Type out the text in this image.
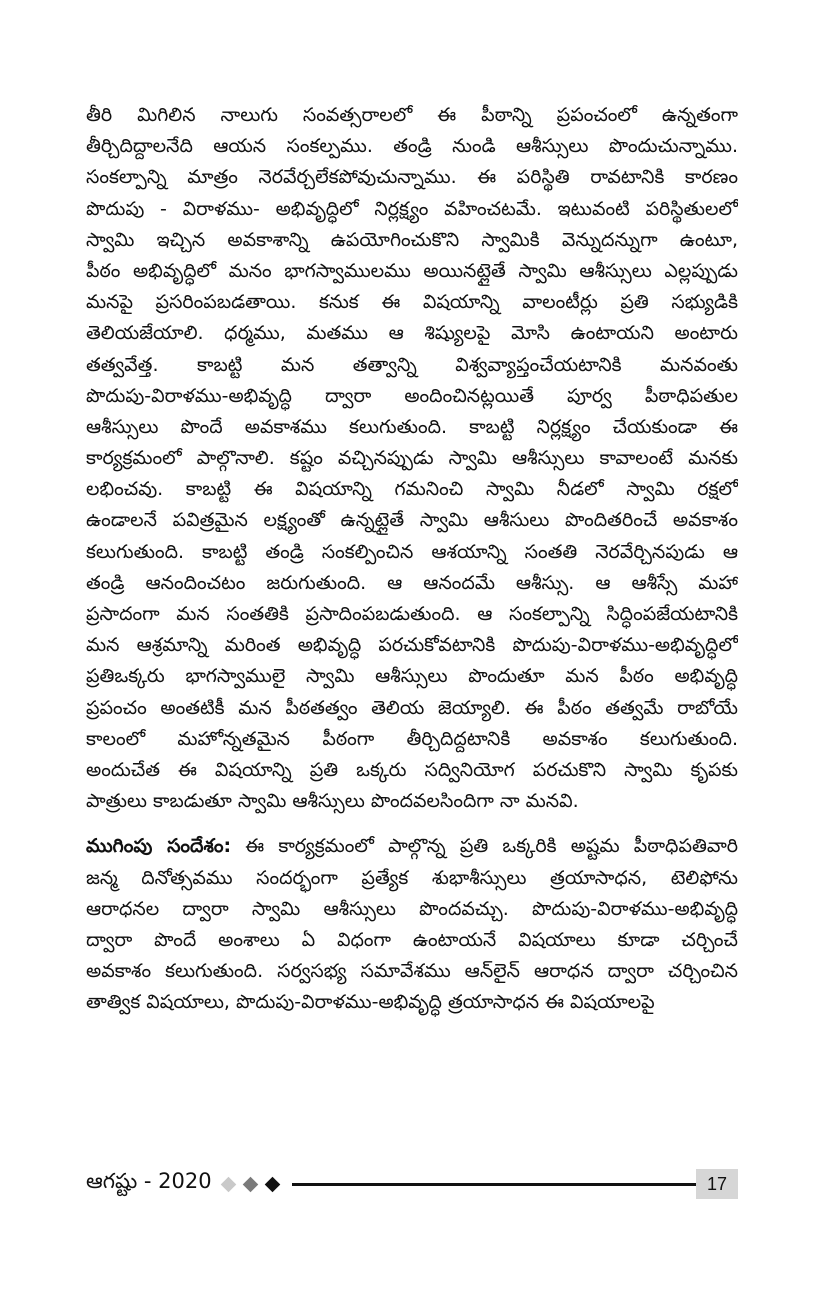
తీరి మిగిలిన నాలుగు సంవత్సరాలలో ఈ పీఠాన్ని ప్రపంచంలో ఉన్నతంగా
తీర్చిదిద్దాలనేది ఆయన సంకల్పము. తండ్రి నుండి ఆశీస్సులు పొందుచున్నాము.
సంకల్పాన్ని మాత్రం నెరవేర్చలేకపోవుచున్నాము. ఈ పరిస్థితి రావటానికి కారణం
పొదుపు - విరాళము- అభివృద్ధిలో నిర్లక్ష్యం వహించటమే. ఇటువంటి పరిస్థితులలో
స్వామి ఇచ్చిన అవకాశాన్ని ఉపయోగించుకొని స్వామికి వెన్నుదన్నుగా ఉంటూ,
పీఠం అభివృద్ధిలో మనం భాగస్వాములము అయినట్లైతే స్వామి ఆశీస్సులు ఎల్లప్పుడు
మనపై ప్రసరింపబడతాయి. కనుక ఈ విషయాన్ని వాలంటీర్లు ప్రతి సభ్యుడికి
తెలియజేయాలి. ధర్మము, మతము ఆ శిష్యులపై మోసి ఉంటాయని అంటారు
తత్వవేత్త. కాబట్టి మన తత్వాన్ని విశ్వవ్యాప్తంచేయటానికి మనవంతు
పొదుపు-విరాళము-అభివృద్ధి ద్వారా అందించినట్లయితే పూర్వ పీఠాధిపతుల
ఆశీస్సులు పొందే అవకాశము కలుగుతుంది. కాబట్టి నిర్లక్ష్యం చేయకుండా ఈ
కార్యక్రమంలో పాల్గొనాలి. కష్టం వచ్చినప్పుడు స్వామి ఆశీస్సులు కావాలంటే మనకు
లభించవు. కాబట్టి ఈ విషయాన్ని గమనించి స్వామి నీడలో స్వామి రక్షలో
ఉండాలనే పవిత్రమైన లక్ష్యంతో ఉన్నట్లైతే స్వామి ఆశీసులు పొందితరించే అవకాశం
కలుగుతుంది. కాబట్టి తండ్రి సంకల్పించిన ఆశయాన్ని సంతతి నెరవేర్చినపుడు ఆ
తండ్రి ఆనందించటం జరుగుతుంది. ఆ ఆనందమే ఆశీస్సు. ఆ ఆశీస్సే మహా
ప్రసాదంగా మన సంతతికి ప్రసాదింపబడుతుంది. ఆ సంకల్పాన్ని సిద్ధింపజేయటానికి
మన ఆశ్రమాన్ని మరింత అభివృద్ధి పరచుకోవటానికి పొదుపు-విరాళము-అభివృద్ధిలో
ప్రతిఒక్కరు భాగస్వాములై స్వామి ఆశీస్సులు పొందుతూ మన పీఠం అభివృద్ధి
ప్రపంచం అంతటికీ మన పీఠతత్వం తెలియ జెయ్యాలి. ఈ పీఠం తత్వమే రాబోయే
కాలంలో మహోన్నతమైన పీఠంగా తీర్చిదిద్దటానికి అవకాశం కలుగుతుంది.
అందుచేత ఈ విషయాన్ని ప్రతి ఒక్కరు సద్వినియోగ పరచుకొని స్వామి కృపకు
పాత్రులు కాబడుతూ స్వామి ఆశీస్సులు పొందవలసిందిగా నా మనవి.
ముగింపు సందేశం: ఈ కార్యక్రమంలో పాల్గొన్న ప్రతి ఒక్కరికి అష్టమ పీఠాధిపతివారి
జన్మ దినోత్సవము సందర్భంగా ప్రత్యేక శుభాశీస్సులు త్రయాసాధన, టెలిఫోను
ఆరాధనల ద్వారా స్వామి ఆశీస్సులు పొందవచ్చు. పొదుపు-విరాళము-అభివృద్ధి
ద్వారా పొందే అంశాలు ఏ విధంగా ఉంటాయనే విషయాలు కూడా చర్చించే
అవకాశం కలుగుతుంది. సర్వసభ్య సమావేశము ఆన్‌లైన్ ఆరాధన ద్వారా చర్చించిన
తాత్విక విషయాలు, పొదుపు-విరాళము-అభివృద్ధి త్రయాసాధన ఈ విషయాలపై
ఆగష్టు - 2020	17
